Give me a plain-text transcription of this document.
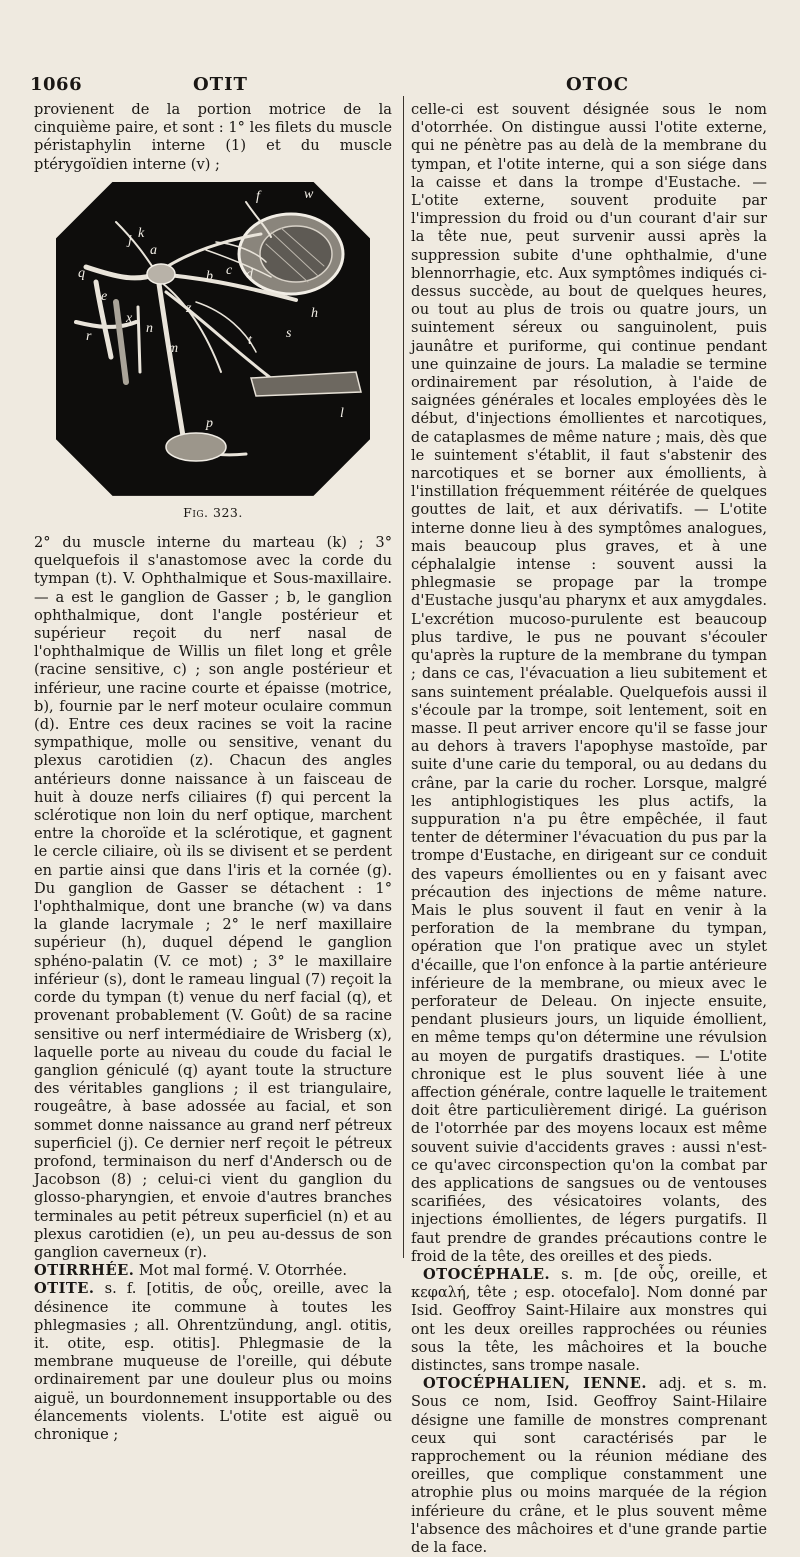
1066	OTIT	OTOC

provienent de la portion motrice de la cinquième paire, et sont : 1° les filets du muscle péristaphylin interne (1) et du muscle ptérygoïdien interne (v) ;

f	w
k
j
a
q	b c d
e
r
h
m
n	s
t
p
l
z
x
Fig. 323.

2° du muscle interne du marteau (k) ; 3° quelquefois il s'anastomose avec la corde du tympan (t). V. Ophthalmique et Sous-maxillaire. — a est le ganglion de Gasser ; b, le ganglion ophthalmique, dont l'angle postérieur et supérieur reçoit du nerf nasal de l'ophthalmique de Willis un filet long et grêle (racine sensitive, c) ; son angle postérieur et inférieur, une racine courte et épaisse (motrice, b), fournie par le nerf moteur oculaire commun (d). Entre ces deux racines se voit la racine sympathique, molle ou sensitive, venant du plexus carotidien (z). Chacun des angles antérieurs donne naissance à un faisceau de huit à douze nerfs ciliaires (f) qui percent la sclérotique non loin du nerf optique, marchent entre la choroïde et la sclérotique, et gagnent le cercle ciliaire, où ils se divisent et se perdent en partie ainsi que dans l'iris et la cornée (g). Du ganglion de Gasser se détachent : 1° l'ophthalmique, dont une branche (w) va dans la glande lacrymale ; 2° le nerf maxillaire supérieur (h), duquel dépend le ganglion sphéno-palatin (V. ce mot) ; 3° le maxillaire inférieur (s), dont le rameau lingual (7) reçoit la corde du tympan (t) venue du nerf facial (q), et provenant probablement (V. Goût) de sa racine sensitive ou nerf intermédiaire de Wrisberg (x), laquelle porte au niveau du coude du facial le ganglion géniculé (q) ayant toute la structure des véritables ganglions ; il est triangulaire, rougeâtre, à base adossée au facial, et son sommet donne naissance au grand nerf pétreux superficiel (j). Ce dernier nerf reçoit le pétreux profond, terminaison du nerf d'Andersch ou de Jacobson (8) ; celui-ci vient du ganglion du glosso-pharyngien, et envoie d'autres branches terminales au petit pétreux superficiel (n) et au plexus carotidien (e), un peu au-dessus de son ganglion caverneux (r).

OTIRRHÉE. Mot mal formé. V. Otorrhée.

OTITE. s. f. [otitis, de οὖς, oreille, avec la désinence ite commune à toutes les phlegmasies ; all. Ohrentzündung, angl. otitis, it. otite, esp. otitis]. Phlegmasie de la membrane muqueuse de l'oreille, qui débute ordinairement par une douleur plus ou moins aiguë, un bourdonnement insupportable ou des élancements violents. L'otite est aiguë ou chronique ;

celle-ci est souvent désignée sous le nom d'otorrhée. On distingue aussi l'otite externe, qui ne pénètre pas au delà de la membrane du tympan, et l'otite interne, qui a son siége dans la caisse et dans la trompe d'Eustache. — L'otite externe, souvent produite par l'impression du froid ou d'un courant d'air sur la tête nue, peut survenir aussi après la suppression subite d'une ophthalmie, d'une blennorrhagie, etc. Aux symptômes indiqués ci-dessus succède, au bout de quelques heures, ou tout au plus de trois ou quatre jours, un suintement séreux ou sanguinolent, puis jaunâtre et puriforme, qui continue pendant une quinzaine de jours. La maladie se termine ordinairement par résolution, à l'aide de saignées générales et locales employées dès le début, d'injections émollientes et narcotiques, de cataplasmes de même nature ; mais, dès que le suintement s'établit, il faut s'abstenir des narcotiques et se borner aux émollients, à l'instillation fréquemment réitérée de quelques gouttes de lait, et aux dérivatifs. — L'otite interne donne lieu à des symptômes analogues, mais beaucoup plus graves, et à une céphalalgie intense : souvent aussi la phlegmasie se propage par la trompe d'Eustache jusqu'au pharynx et aux amygdales. L'excrétion mucoso-purulente est beaucoup plus tardive, le pus ne pouvant s'écouler qu'après la rupture de la membrane du tympan ; dans ce cas, l'évacuation a lieu subitement et sans suintement préalable. Quelquefois aussi il s'écoule par la trompe, soit lentement, soit en masse. Il peut arriver encore qu'il se fasse jour au dehors à travers l'apophyse mastoïde, par suite d'une carie du temporal, ou au dedans du crâne, par la carie du rocher. Lorsque, malgré les antiphlogistiques les plus actifs, la suppuration n'a pu être empêchée, il faut tenter de déterminer l'évacuation du pus par la trompe d'Eustache, en dirigeant sur ce conduit des vapeurs émollientes ou en y faisant avec précaution des injections de même nature. Mais le plus souvent il faut en venir à la perforation de la membrane du tympan, opération que l'on pratique avec un stylet d'écaille, que l'on enfonce à la partie antérieure inférieure de la membrane, ou mieux avec le perforateur de Deleau. On injecte ensuite, pendant plusieurs jours, un liquide émollient, en même temps qu'on détermine une révulsion au moyen de purgatifs drastiques. — L'otite chronique est le plus souvent liée à une affection générale, contre laquelle le traitement doit être particulièrement dirigé. La guérison de l'otorrhée par des moyens locaux est même souvent suivie d'accidents graves : aussi n'est-ce qu'avec circonspection qu'on la combat par des applications de sangsues ou de ventouses scarifiées, des vésicatoires volants, des injections émollientes, de légers purgatifs. Il faut prendre de grandes précautions contre le froid de la tête, des oreilles et des pieds.

OTOCÉPHALE. s. m. [de οὖς, oreille, et κεφαλή, tête ; esp. otocefalo]. Nom donné par Isid. Geoffroy Saint-Hilaire aux monstres qui ont les deux oreilles rapprochées ou réunies sous la tête, les mâchoires et la bouche distinctes, sans trompe nasale.

OTOCÉPHALIEN, IENNE. adj. et s. m. Sous ce nom, Isid. Geoffroy Saint-Hilaire désigne une famille de monstres comprenant ceux qui sont caractérisés par le rapprochement ou la réunion médiane des oreilles, que complique constamment une atrophie plus ou moins marquée de la région inférieure du crâne, et le plus souvent même l'absence des mâchoires et d'une grande partie de la face.
